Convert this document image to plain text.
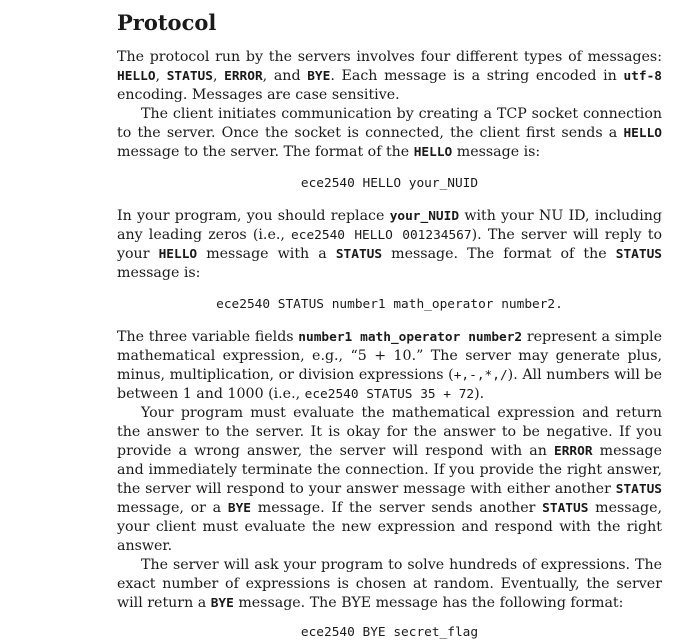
Protocol

The protocol run by the servers involves four different types of messages: HELLO, STATUS, ERROR, and BYE. Each message is a string encoded in utf-8 encoding. Messages are case sensitive.

The client initiates communication by creating a TCP socket connection to the server. Once the socket is connected, the client first sends a HELLO message to the server. The format of the HELLO message is:

ece2540 HELLO your_NUID

In your program, you should replace your_NUID with your NU ID, including any leading zeros (i.e., ece2540 HELLO 001234567). The server will reply to your HELLO message with a STATUS message. The format of the STATUS message is:

ece2540 STATUS number1 math_operator number2.

The three variable fields number1 math_operator number2 represent a simple mathematical expression, e.g., “5 + 10.” The server may generate plus, minus, multiplication, or division expressions (+,-,*,/). All numbers will be between 1 and 1000 (i.e., ece2540 STATUS 35 + 72).

Your program must evaluate the mathematical expression and return the answer to the server. It is okay for the answer to be negative. If you provide a wrong answer, the server will respond with an ERROR message and immediately terminate the connection. If you provide the right answer, the server will respond to your answer message with either another STATUS message, or a BYE message. If the server sends another STATUS message, your client must evaluate the new expression and respond with the right answer.

The server will ask your program to solve hundreds of expressions. The exact number of expressions is chosen at random. Eventually, the server will return a BYE message. The BYE message has the following format:

ece2540 BYE secret_flag
